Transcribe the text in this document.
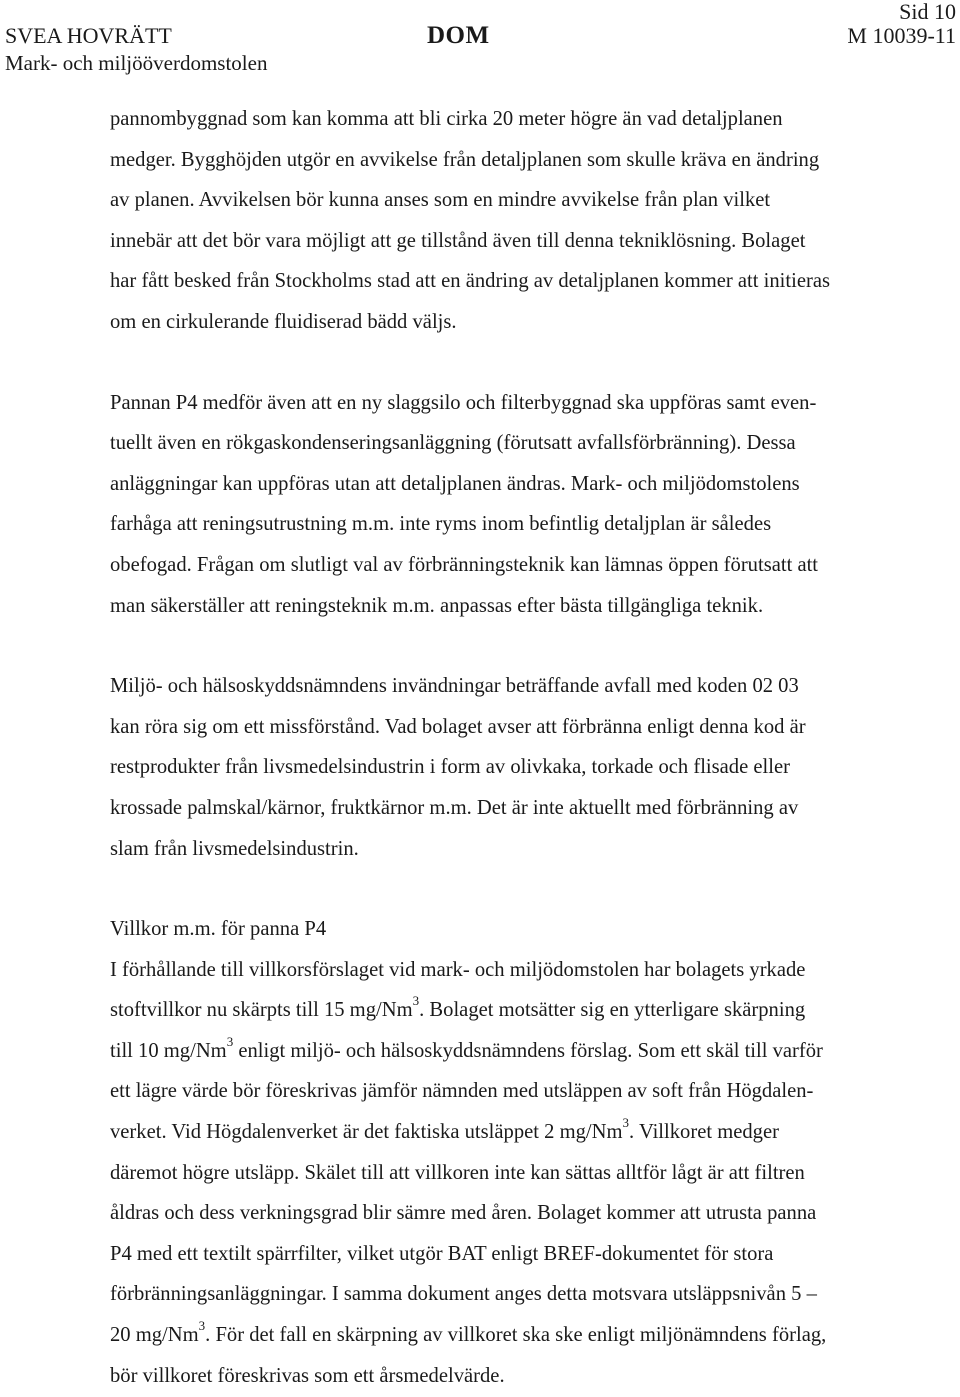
SVEA HOVRÄTT
Mark- och miljööverdomstolen
DOM
Sid 10
M 10039-11

pannombyggnad som kan komma att bli cirka 20 meter högre än vad detaljplanen
medger. Bygghöjden utgör en avvikelse från detaljplanen som skulle kräva en ändring
av planen. Avvikelsen bör kunna anses som en mindre avvikelse från plan vilket
innebär att det bör vara möjligt att ge tillstånd även till denna tekniklösning. Bolaget
har fått besked från Stockholms stad att en ändring av detaljplanen kommer att initieras
om en cirkulerande fluidiserad bädd väljs.

Pannan P4 medför även att en ny slaggsilo och filterbyggnad ska uppföras samt even-
tuellt även en rökgaskondenseringsanläggning (förutsatt avfallsförbränning). Dessa
anläggningar kan uppföras utan att detaljplanen ändras. Mark- och miljödomstolens
farhåga att reningsutrustning m.m. inte ryms inom befintlig detaljplan är således
obefogad. Frågan om slutligt val av förbränningsteknik kan lämnas öppen förutsatt att
man säkerställer att reningsteknik m.m. anpassas efter bästa tillgängliga teknik.

Miljö- och hälsoskyddsnämndens invändningar beträffande avfall med koden 02 03
kan röra sig om ett missförstånd. Vad bolaget avser att förbränna enligt denna kod är
restprodukter från livsmedelsindustrin i form av olivkaka, torkade och flisade eller
krossade palmskal/kärnor, fruktkärnor m.m. Det är inte aktuellt med förbränning av
slam från livsmedelsindustrin.

Villkor m.m. för panna P4

I förhållande till villkorsförslaget vid mark- och miljödomstolen har bolagets yrkade
stoftvillkor nu skärpts till 15 mg/Nm$^3$. Bolaget motsätter sig en ytterligare skärpning
till 10 mg/Nm$^3$ enligt miljö- och hälsoskyddsnämndens förslag. Som ett skäl till varför
ett lägre värde bör föreskrivas jämför nämnden med utsläppen av soft från Högdalen-
verket. Vid Högdalenverket är det faktiska utsläppet 2 mg/Nm$^3$. Villkoret medger
däremot högre utsläpp. Skälet till att villkoren inte kan sättas alltför lågt är att filtren
åldras och dess verkningsgrad blir sämre med åren. Bolaget kommer att utrusta panna
P4 med ett textilt spärrfilter, vilket utgör BAT enligt BREF-dokumentet för stora
förbränningsanläggningar. I samma dokument anges detta motsvara utsläppsnivån 5 –
20 mg/Nm$^3$. För det fall en skärpning av villkoret ska ske enligt miljönämndens förlag,
bör villkoret föreskrivas som ett årsmedelvärde.
